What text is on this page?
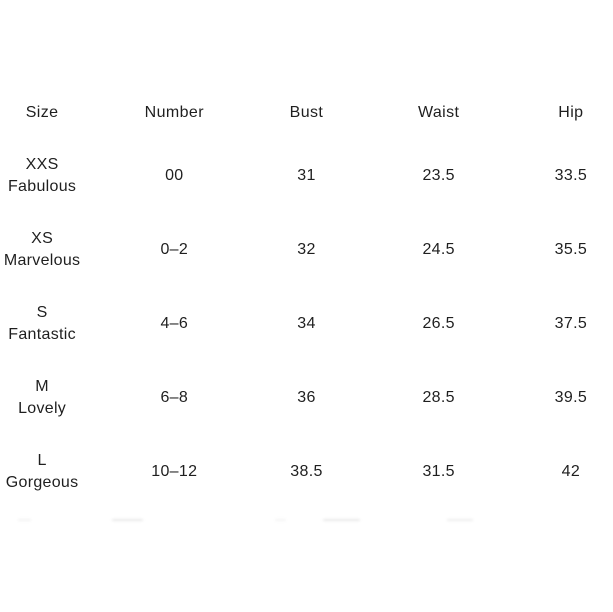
Size	Number	Bust	Waist	Hip
XXS
Fabulous
00	31	23.5	33.5
XS
Marvelous
0–2	32	24.5	35.5
S
Fantastic
4–6	34	26.5	37.5
M
Lovely
6–8	36	28.5	39.5
L
Gorgeous
10–12	38.5	31.5	42
